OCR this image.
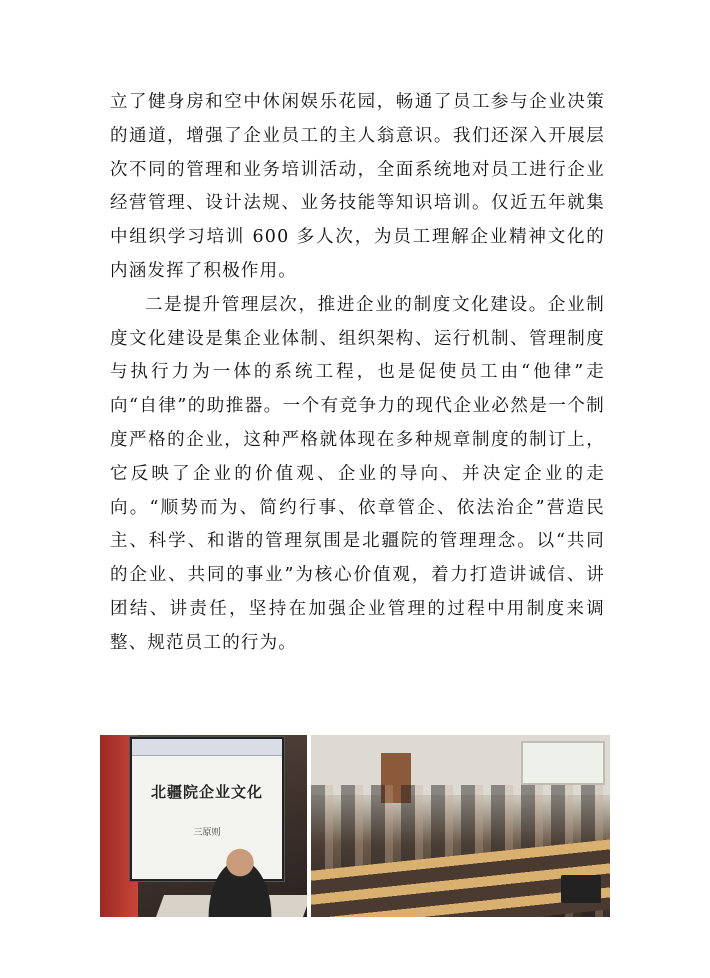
立了健身房和空中休闲娱乐花园，畅通了员工参与企业决策的通道，增强了企业员工的主人翁意识。我们还深入开展层次不同的管理和业务培训活动，全面系统地对员工进行企业经营管理、设计法规、业务技能等知识培训。仅近五年就集中组织学习培训 600 多人次，为员工理解企业精神文化的内涵发挥了积极作用。

二是提升管理层次，推进企业的制度文化建设。企业制度文化建设是集企业体制、组织架构、运行机制、管理制度与执行力为一体的系统工程，也是促使员工由“他律”走向“自律”的助推器。一个有竞争力的现代企业必然是一个制度严格的企业，这种严格就体现在多种规章制度的制订上，它反映了企业的价值观、企业的导向、并决定企业的走向。“顺势而为、简约行事、依章管企、依法治企”营造民主、科学、和谐的管理氛围是北疆院的管理理念。以“共同的企业、共同的事业”为核心价值观，着力打造讲诚信、讲团结、讲责任，坚持在加强企业管理的过程中用制度来调整、规范员工的行为。

北疆院企业文化
三原则
